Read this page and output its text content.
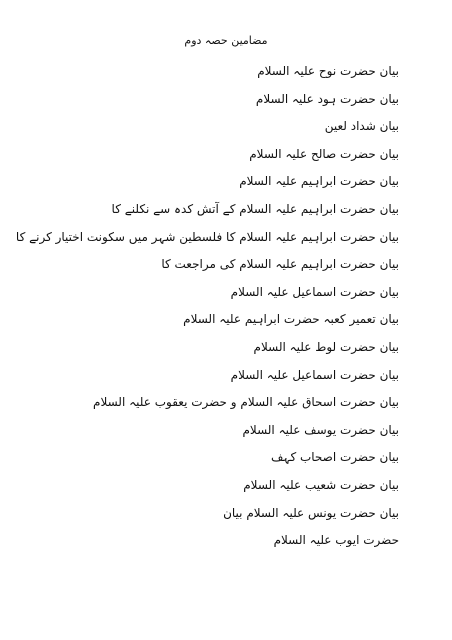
مضامین حصہ دوم
بیان حضرت نوح علیہ السلام
بیان حضرت ہود علیہ السلام
بیان شداد لعین
بیان حضرت صالح علیہ السلام
بیان حضرت ابراہیم علیہ السلام
بیان حضرت ابراہیم علیہ السلام کے آتش کدہ سے نکلنے کا
بیان حضرت ابراہیم علیہ السلام کا فلسطین شہر میں سکونت اختیار کرنے کا
بیان حضرت ابراہیم علیہ السلام کی مراجعت کا
بیان حضرت اسماعیل علیہ السلام
بیان تعمیر کعبہ حضرت ابراہیم علیہ السلام
بیان حضرت لوط علیہ السلام
بیان حضرت اسماعیل علیہ السلام
بیان حضرت اسحاق علیہ السلام و حضرت یعقوب علیہ السلام
بیان حضرت یوسف علیہ السلام
بیان حضرت اصحاب کہف
بیان حضرت شعیب علیہ السلام
بیان حضرت یونس علیہ السلام بیان
حضرت ایوب علیہ السلام
